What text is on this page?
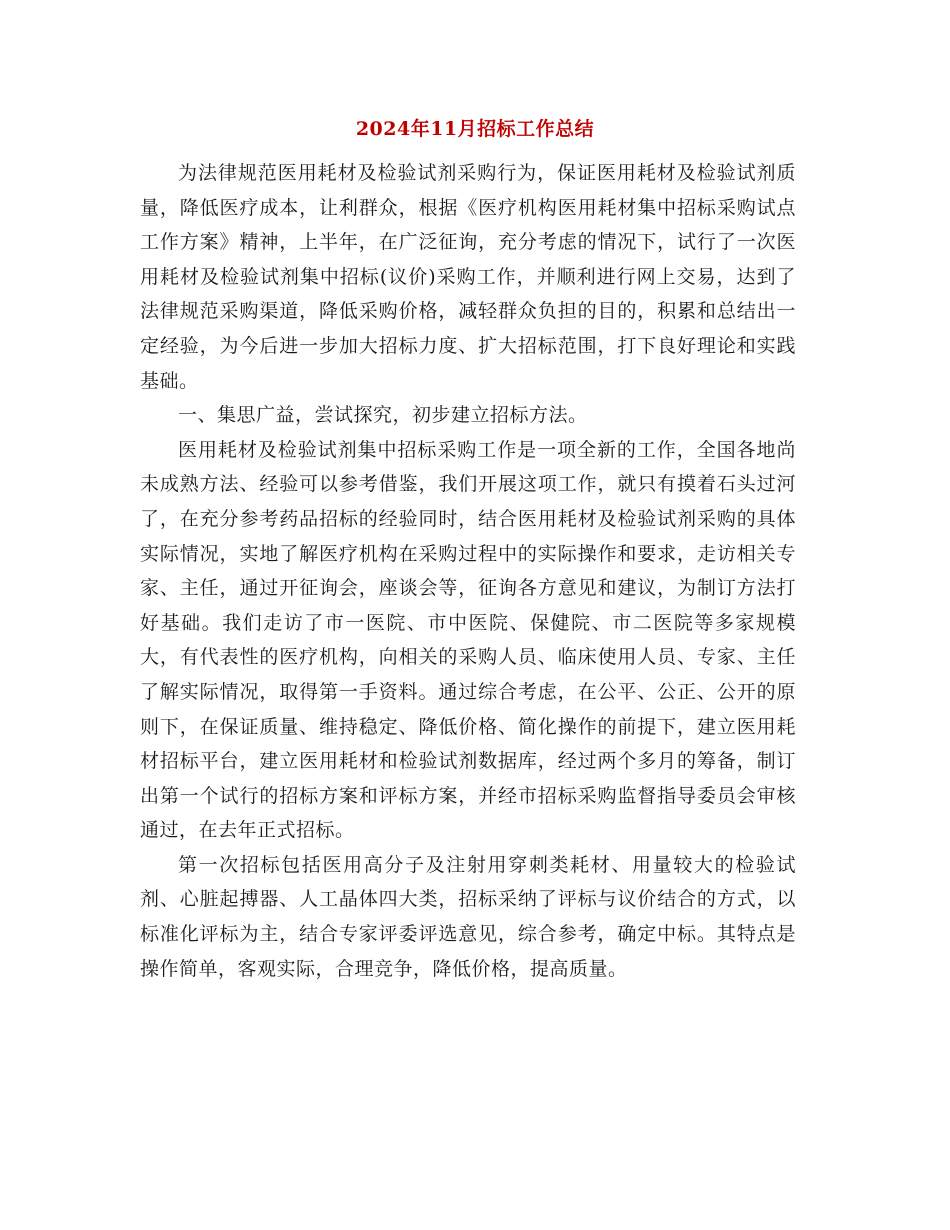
2024年11月招标工作总结

为法律规范医用耗材及检验试剂采购行为，保证医用耗材及检验试剂质量，降低医疗成本，让利群众，根据《医疗机构医用耗材集中招标采购试点工作方案》精神，上半年，在广泛征询，充分考虑的情况下，试行了一次医用耗材及检验试剂集中招标(议价)采购工作，并顺利进行网上交易，达到了法律规范采购渠道，降低采购价格，减轻群众负担的目的，积累和总结出一定经验，为今后进一步加大招标力度、扩大招标范围，打下良好理论和实践基础。

一、集思广益，尝试探究，初步建立招标方法。

医用耗材及检验试剂集中招标采购工作是一项全新的工作，全国各地尚未成熟方法、经验可以参考借鉴，我们开展这项工作，就只有摸着石头过河了，在充分参考药品招标的经验同时，结合医用耗材及检验试剂采购的具体实际情况，实地了解医疗机构在采购过程中的实际操作和要求，走访相关专家、主任，通过开征询会，座谈会等，征询各方意见和建议，为制订方法打好基础。我们走访了市一医院、市中医院、保健院、市二医院等多家规模大，有代表性的医疗机构，向相关的采购人员、临床使用人员、专家、主任了解实际情况，取得第一手资料。通过综合考虑，在公平、公正、公开的原则下，在保证质量、维持稳定、降低价格、简化操作的前提下，建立医用耗材招标平台，建立医用耗材和检验试剂数据库，经过两个多月的筹备，制订出第一个试行的招标方案和评标方案，并经市招标采购监督指导委员会审核通过，在去年正式招标。

第一次招标包括医用高分子及注射用穿刺类耗材、用量较大的检验试剂、心脏起搏器、人工晶体四大类，招标采纳了评标与议价结合的方式，以标准化评标为主，结合专家评委评选意见，综合参考，确定中标。其特点是操作简单，客观实际，合理竞争，降低价格，提高质量。
